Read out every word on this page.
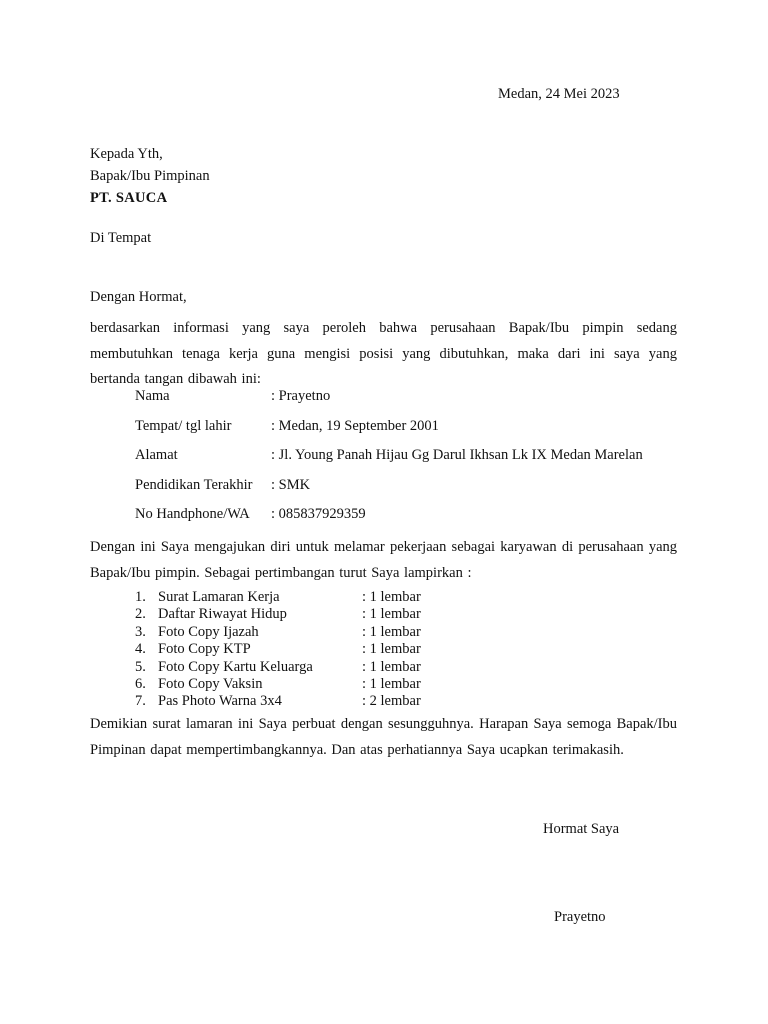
Medan, 24 Mei 2023
Kepada Yth,
Bapak/Ibu Pimpinan
PT. SAUCA
Di Tempat
Dengan Hormat,
berdasarkan informasi yang saya peroleh bahwa perusahaan Bapak/Ibu pimpin sedang membutuhkan tenaga kerja guna mengisi posisi yang dibutuhkan, maka dari ini saya yang bertanda tangan dibawah ini:
Nama	: Prayetno
Tempat/ tgl lahir	: Medan, 19 September 2001
Alamat	: Jl. Young Panah Hijau Gg Darul Ikhsan Lk IX Medan Marelan
Pendidikan Terakhir	: SMK
No Handphone/WA	: 085837929359
Dengan ini Saya mengajukan diri untuk melamar pekerjaan sebagai karyawan di perusahaan yang Bapak/Ibu pimpin. Sebagai pertimbangan turut Saya lampirkan :
1. Surat Lamaran Kerja	: 1 lembar
2. Daftar Riwayat Hidup	: 1 lembar
3. Foto Copy Ijazah	: 1 lembar
4. Foto Copy KTP	: 1 lembar
5. Foto Copy Kartu Keluarga	: 1 lembar
6. Foto Copy Vaksin	: 1 lembar
7. Pas Photo Warna 3x4	: 2 lembar
Demikian surat lamaran ini Saya perbuat dengan sesungguhnya. Harapan Saya semoga Bapak/Ibu Pimpinan dapat mempertimbangkannya. Dan atas perhatiannya Saya ucapkan terimakasih.
Hormat Saya
Prayetno
